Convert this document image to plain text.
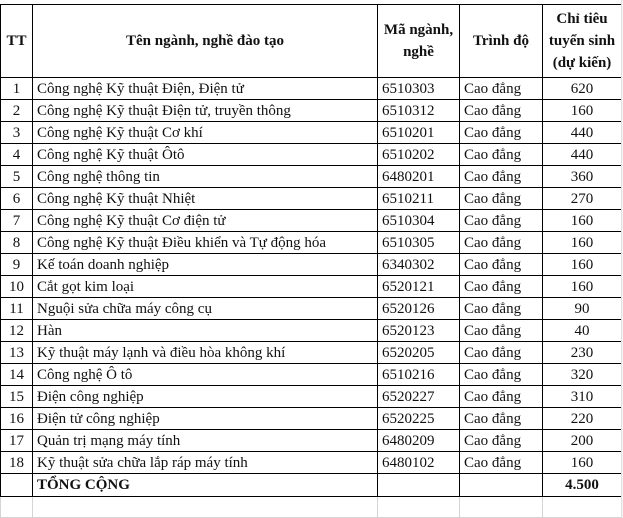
TT	Tên ngành, nghề đào tạo	Mã ngành, nghề	Trình độ	Chỉ tiêu tuyển sinh (dự kiến)
1	Công nghệ Kỹ thuật Điện, Điện tử	6510303	Cao đẳng	620
2	Công nghệ Kỹ thuật Điện tử, truyền thông	6510312	Cao đẳng	160
3	Công nghệ Kỹ thuật Cơ khí	6510201	Cao đẳng	440
4	Công nghệ Kỹ thuật Ôtô	6510202	Cao đẳng	440
5	Công nghệ thông tin	6480201	Cao đẳng	360
6	Công nghệ Kỹ thuật Nhiệt	6510211	Cao đẳng	270
7	Công nghệ Kỹ thuật Cơ điện tử	6510304	Cao đẳng	160
8	Công nghệ Kỹ thuật Điều khiển và Tự động hóa	6510305	Cao đẳng	160
9	Kế toán doanh nghiệp	6340302	Cao đẳng	160
10	Cắt gọt kim loại	6520121	Cao đẳng	160
11	Nguội sửa chữa máy công cụ	6520126	Cao đẳng	90
12	Hàn	6520123	Cao đẳng	40
13	Kỹ thuật máy lạnh và điều hòa không khí	6520205	Cao đẳng	230
14	Công nghệ Ô tô	6510216	Cao đẳng	320
15	Điện công nghiệp	6520227	Cao đẳng	310
16	Điện tử công nghiệp	6520225	Cao đẳng	220
17	Quản trị mạng máy tính	6480209	Cao đẳng	200
18	Kỹ thuật sửa chữa lắp ráp máy tính	6480102	Cao đẳng	160
	TỔNG CỘNG			4.500
